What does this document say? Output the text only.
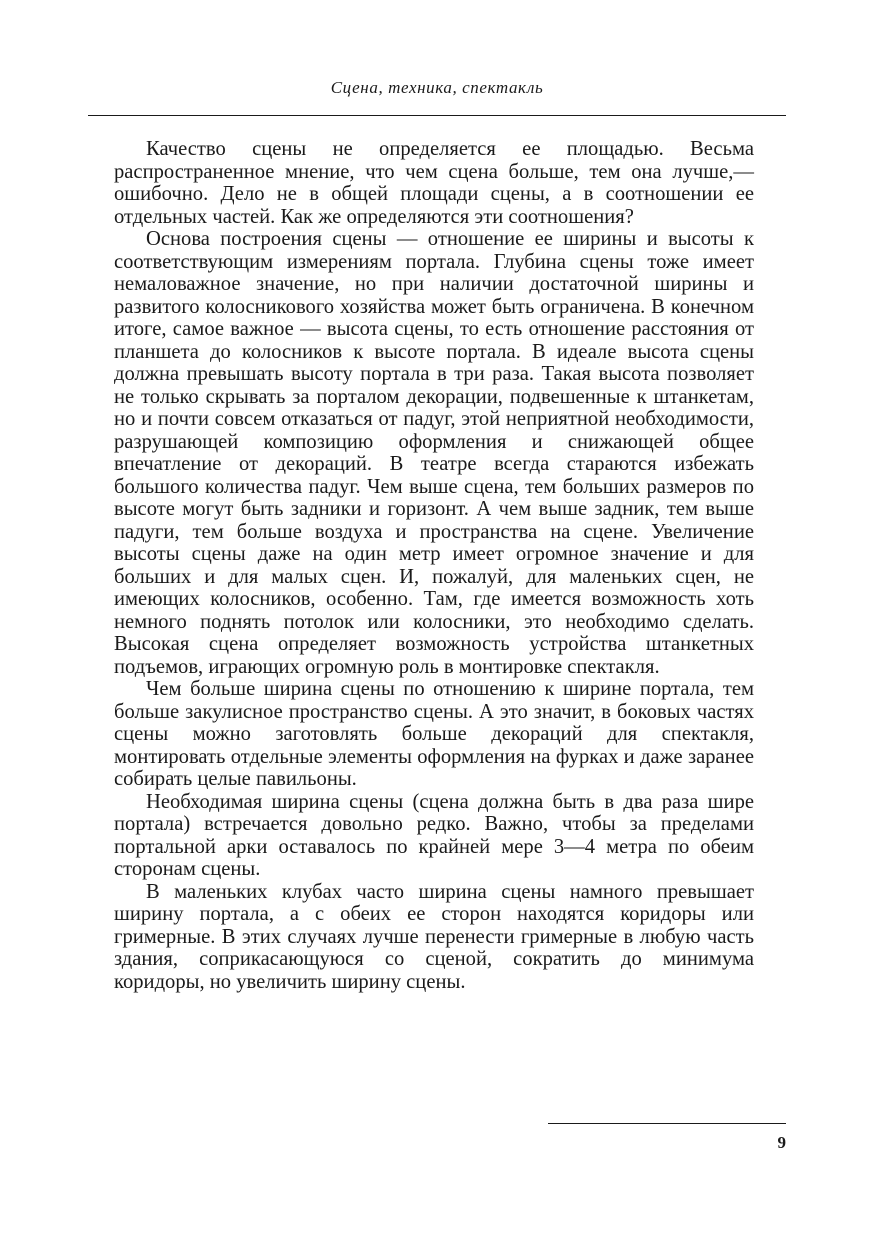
Сцена, техника, спектакль

Качество сцены не определяется ее площадью. Весьма распространенное мнение, что чем сцена больше, тем она лучше,— ошибочно. Дело не в общей площади сцены, а в соотношении ее отдельных частей. Как же определяются эти соотношения?

Основа построения сцены — отношение ее ширины и высоты к соответствующим измерениям портала. Глубина сцены тоже имеет немаловажное значение, но при наличии достаточной ширины и развитого колосникового хозяйства может быть ограничена. В конечном итоге, самое важное — высота сцены, то есть отношение расстояния от планшета до колосников к высоте портала. В идеале высота сцены должна превышать высоту портала в три раза. Такая высота позволяет не только скрывать за порталом декорации, подвешенные к штанкетам, но и почти совсем отказаться от падуг, этой неприятной необходимости, разрушающей композицию оформления и снижающей общее впечатление от декораций. В театре всегда стараются избежать большого количества падуг. Чем выше сцена, тем больших размеров по высоте могут быть задники и горизонт. А чем выше задник, тем выше падуги, тем больше воздуха и пространства на сцене. Увеличение высоты сцены даже на один метр имеет огромное значение и для больших и для малых сцен. И, пожалуй, для маленьких сцен, не имеющих колосников, особенно. Там, где имеется возможность хоть немного поднять потолок или колосники, это необходимо сделать. Высокая сцена определяет возможность устройства штанкетных подъемов, играющих огромную роль в монтировке спектакля.

Чем больше ширина сцены по отношению к ширине портала, тем больше закулисное пространство сцены. А это значит, в боковых частях сцены можно заготовлять больше декораций для спектакля, монтировать отдельные элементы оформления на фурках и даже заранее собирать целые павильоны.

Необходимая ширина сцены (сцена должна быть в два раза шире портала) встречается довольно редко. Важно, чтобы за пределами портальной арки оставалось по крайней мере 3—4 метра по обеим сторонам сцены.

В маленьких клубах часто ширина сцены намного превышает ширину портала, а с обеих ее сторон находятся коридоры или гримерные. В этих случаях лучше перенести гримерные в любую часть здания, соприкасающуюся со сценой, сократить до минимума коридоры, но увеличить ширину сцены.

9
